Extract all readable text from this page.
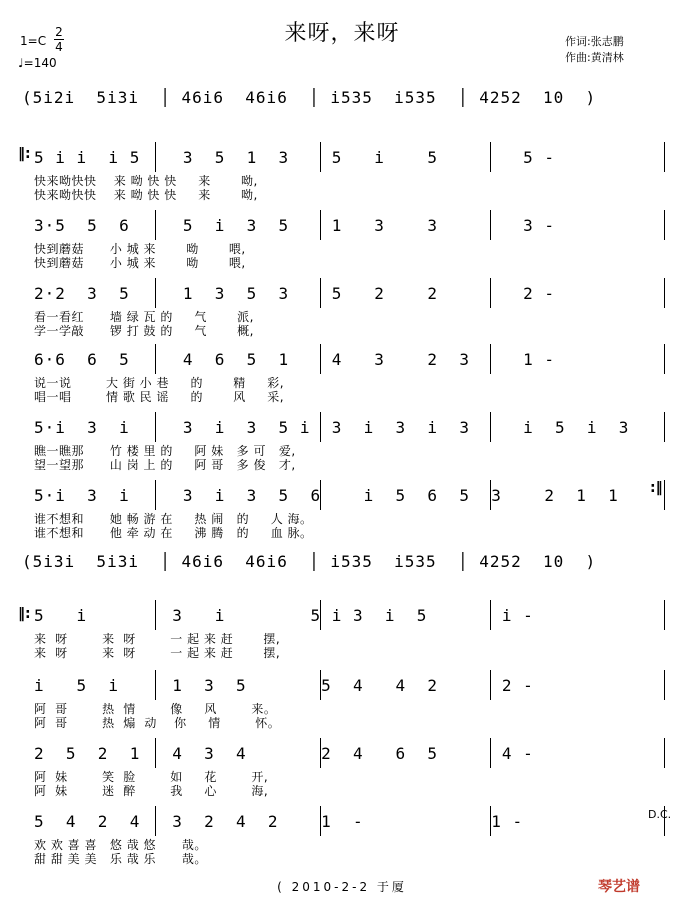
来呀，来呀
1=C
2
4
♩=140
作词:张志鹏
作曲:黄清林
(5i2i  5i3i  │ 46i6  46i6  │ i535  i535  │ 4252  10  )
‖: 5 i i  i 5    3  5  1  3    5   i    5        5 -
快来呦快快    来 呦 快 快     来       呦,
快来呦快快    来 呦 快 快     来       呦,
3·5  5  6     5  i  3  5    1   3    3        3 -
快到蘑菇      小 城 来       呦       喂,
快到蘑菇      小 城 来       呦       喂,
2·2  3  5     1  3  5  3    5   2    2        2 -
看一看红      墙 绿 瓦 的     气       派,
学一学敲      锣 打 鼓 的     气       概,
6·6  6  5     4  6  5  1    4   3    2  3     1 -
说一说        大 街 小 巷     的       精     彩,
唱一唱        情 歌 民 谣     的       风     采,
5·i  3  i     3  i  3  5 i  3  i  3  i  3     i  5  i  3
瞧一瞧那      竹 楼 里 的     阿 妹   多 可   爱,
望一望那      山 岗 上 的     阿 哥   多 俊   才,
5·i  3  i     3  i  3  5  6    i  5  6  5  3    2  1  1
谁不想和      她 畅 游 在     热 闹   的     人 海。
谁不想和      他 牵 动 在     沸 腾   的     血 脉。
(5i3i  5i3i  │ 46i6  46i6  │ i535  i535  │ 4252  10  )
‖:
:‖
5   i        3   i        5 i 3  i  5       i -
来  呀        来  呀        一 起 来 赶       摆,
来  呀        来  呀        一 起 来 赶       摆,
i   5  i     1  3  5       5  4   4  2      2 -
阿  哥        热  情        像     风        来。
阿  哥        热  煽  动    你     情        怀。
2  5  2  1   4  3  4       2  4   6  5      4 -
阿  妹        笑  脸        如     花        开,
阿  妹        迷  醉        我     心        海,
5  4  2  4   3  2  4  2    1  -            1 -
欢 欢 喜 喜   悠 哉 悠      哉。
甜 甜 美 美   乐 哉 乐      哉。
D.C.
( 2010-2-2 于厦	琴艺谱
